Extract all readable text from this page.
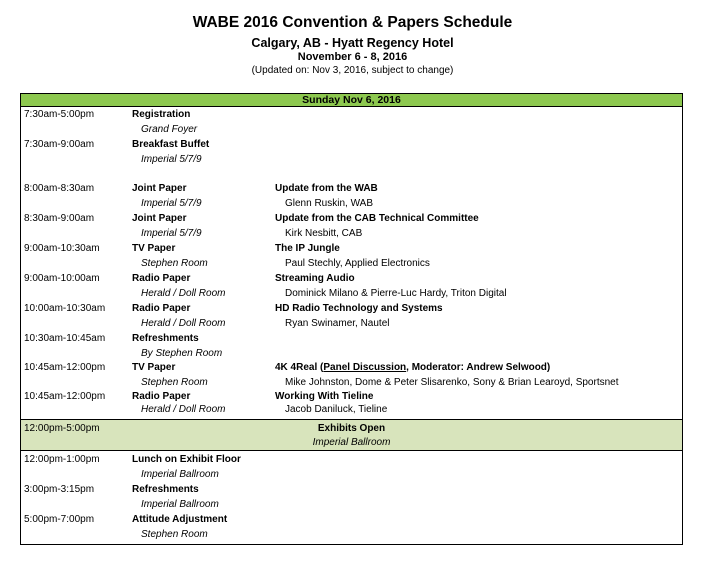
WABE 2016 Convention & Papers Schedule
Calgary, AB - Hyatt Regency Hotel
November 6 - 8, 2016
(Updated on: Nov 3, 2016, subject to change)
Sunday Nov 6, 2016
7:30am-5:00pm	Registration
Grand Foyer
7:30am-9:00am	Breakfast Buffet
Imperial 5/7/9
8:00am-8:30am	Joint Paper	Update from the WAB
Imperial 5/7/9	Glenn Ruskin, WAB
8:30am-9:00am	Joint Paper	Update from the CAB Technical Committee
Imperial 5/7/9	Kirk Nesbitt, CAB
9:00am-10:30am	TV Paper	The IP Jungle
Stephen Room	Paul Stechly, Applied Electronics
9:00am-10:00am	Radio Paper	Streaming Audio
Herald / Doll Room	Dominick Milano & Pierre-Luc Hardy, Triton Digital
10:00am-10:30am	Radio Paper	HD Radio Technology and Systems
Herald / Doll Room	Ryan Swinamer, Nautel
10:30am-10:45am	Refreshments
By Stephen Room
10:45am-12:00pm	TV Paper	4K 4Real (Panel Discussion, Moderator: Andrew Selwood)
Stephen Room	Mike Johnston, Dome & Peter Slisarenko, Sony & Brian Learoyd, Sportsnet
10:45am-12:00pm	Radio Paper	Working With Tieline
Herald / Doll Room	Jacob Daniluck, Tieline
12:00pm-5:00pm	Exhibits Open
Imperial Ballroom
12:00pm-1:00pm	Lunch on Exhibit Floor
Imperial Ballroom
3:00pm-3:15pm	Refreshments
Imperial Ballroom
5:00pm-7:00pm	Attitude Adjustment
Stephen Room
